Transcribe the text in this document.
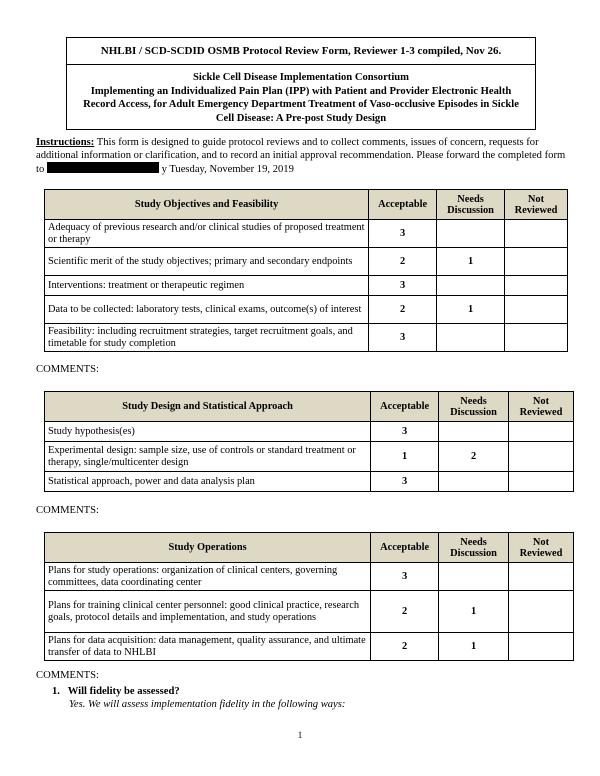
NHLBI / SCD-SCDID OSMB Protocol Review Form, Reviewer 1-3 compiled, Nov 26.
Sickle Cell Disease Implementation Consortium
Implementing an Individualized Pain Plan (IPP) with Patient and Provider Electronic Health Record Access, for Adult Emergency Department Treatment of Vaso-occlusive Episodes in Sickle Cell Disease: A Pre-post Study Design
Instructions: This form is designed to guide protocol reviews and to collect comments, issues of concern, requests for additional information or clarification, and to record an initial approval recommendation. Please forward the completed form to	y Tuesday, November 19, 2019
Study Objectives and Feasibility	Acceptable	Needs Discussion	Not Reviewed
Adequacy of previous research and/or clinical studies of proposed treatment or therapy	3		
Scientific merit of the study objectives; primary and secondary endpoints	2	1	
Interventions: treatment or therapeutic regimen	3		
Data to be collected: laboratory tests, clinical exams, outcome(s) of interest	2	1	
Feasibility: including recruitment strategies, target recruitment goals, and timetable for study completion	3		
COMMENTS:
Study Design and Statistical Approach	Acceptable	Needs Discussion	Not Reviewed
Study hypothesis(es)	3		
Experimental design: sample size, use of controls or standard treatment or therapy, single/multicenter design	1	2	
Statistical approach, power and data analysis plan	3		
COMMENTS:
Study Operations	Acceptable	Needs Discussion	Not Reviewed
Plans for study operations: organization of clinical centers, governing committees, data coordinating center	3		
Plans for training clinical center personnel: good clinical practice, research goals, protocol details and implementation, and study operations	2	1	
Plans for data acquisition: data management, quality assurance, and ultimate transfer of data to NHLBI	2	1	
COMMENTS:
1. Will fidelity be assessed?
Yes. We will assess implementation fidelity in the following ways:
1
